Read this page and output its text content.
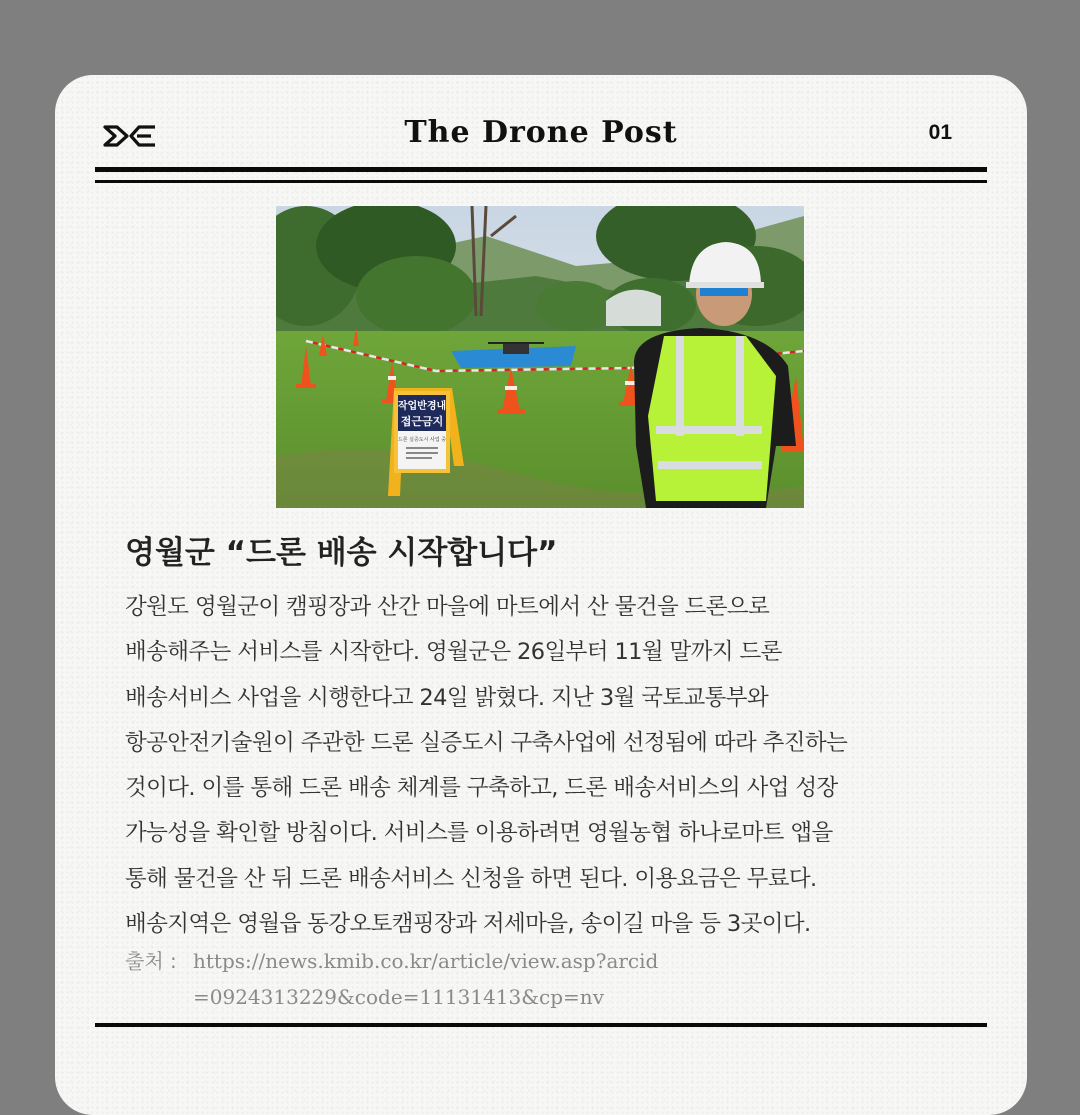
The Drone Post	01
작업반경내
접근금지
드론 실증도시 사업 중
영월군 “드론 배송 시작합니다”
강원도 영월군이 캠핑장과 산간 마을에 마트에서 산 물건을 드론으로
배송해주는 서비스를 시작한다. 영월군은 26일부터 11월 말까지 드론
배송서비스 사업을 시행한다고 24일 밝혔다. 지난 3월 국토교통부와
항공안전기술원이 주관한 드론 실증도시 구축사업에 선정됨에 따라 추진하는
것이다. 이를 통해 드론 배송 체계를 구축하고, 드론 배송서비스의 사업 성장
가능성을 확인할 방침이다. 서비스를 이용하려면 영월농협 하나로마트 앱을
통해 물건을 산 뒤 드론 배송서비스 신청을 하면 된다. 이용요금은 무료다.
배송지역은 영월읍 동강오토캠핑장과 저세마을, 송이길 마을 등 3곳이다.
출처 : https://news.kmib.co.kr/article/view.asp?arcid
=0924313229&code=11131413&cp=nv
